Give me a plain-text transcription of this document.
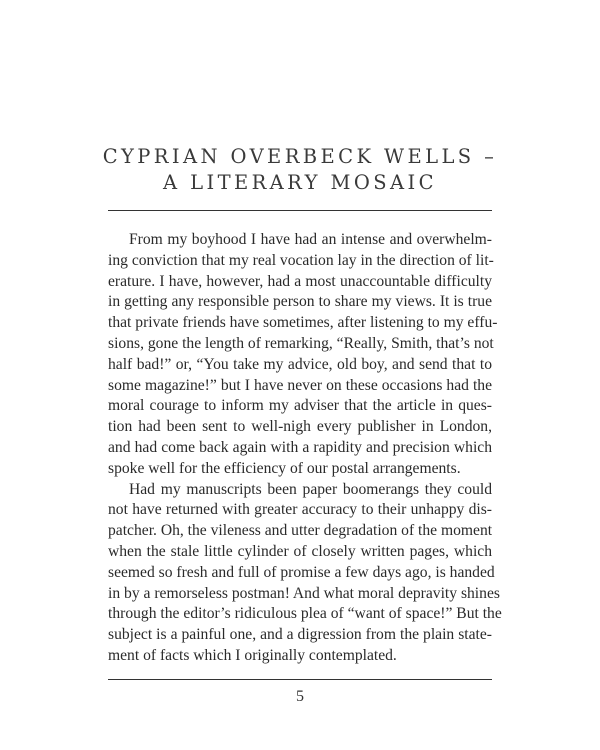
CYPRIAN OVERBECK WELLS –
A LITERARY MOSAIC
From my boyhood I have had an intense and overwhelm-
ing conviction that my real vocation lay in the direction of lit-
erature. I have, however, had a most unaccountable difficulty
in getting any responsible person to share my views. It is true
that private friends have sometimes, after listening to my effu-
sions, gone the length of remarking, “Really, Smith, that’s not
half bad!” or, “You take my advice, old boy, and send that to
some magazine!” but I have never on these occasions had the
moral courage to inform my adviser that the article in ques-
tion had been sent to well-nigh every publisher in London,
and had come back again with a rapidity and precision which
spoke well for the efficiency of our postal arrangements.
Had my manuscripts been paper boomerangs they could
not have returned with greater accuracy to their unhappy dis-
patcher. Oh, the vileness and utter degradation of the moment
when the stale little cylinder of closely written pages, which
seemed so fresh and full of promise a few days ago, is handed
in by a remorseless postman! And what moral depravity shines
through the editor’s ridiculous plea of “want of space!” But the
subject is a painful one, and a digression from the plain state-
ment of facts which I originally contemplated.
5
